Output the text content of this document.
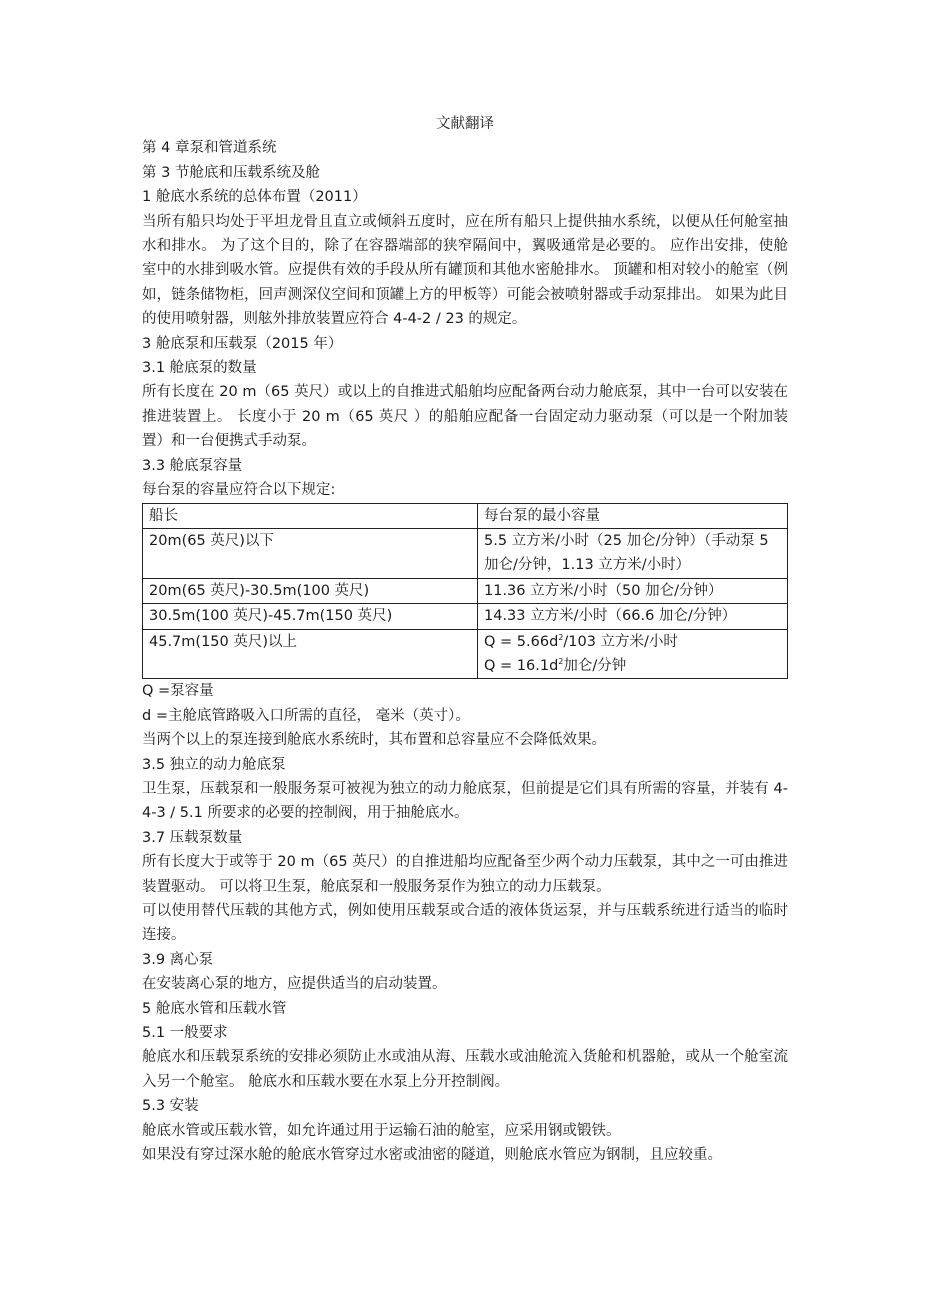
文献翻译
第 4 章泵和管道系统
第 3 节舱底和压载系统及舱
1 舱底水系统的总体布置（2011）

当所有船只均处于平坦龙骨且直立或倾斜五度时，应在所有船只上提供抽水系统，以便从任何舱室抽水和排水。 为了这个目的，除了在容器端部的狭窄隔间中，翼吸通常是必要的。 应作出安排，使舱室中的水排到吸水管。应提供有效的手段从所有罐顶和其他水密舱排水。 顶罐和相对较小的舱室（例如，链条储物柜，回声测深仪空间和顶罐上方的甲板等）可能会被喷射器或手动泵排出。 如果为此目的使用喷射器，则舷外排放装置应符合 4-4-2 / 23 的规定。

3 舱底泵和压载泵（2015 年）
3.1 舱底泵的数量

所有长度在 20 m（65 英尺）或以上的自推进式船舶均应配备两台动力舱底泵，其中一台可以安装在推进装置上。 长度小于 20 m（65 英尺 ）的船舶应配备一台固定动力驱动泵（可以是一个附加装置）和一台便携式手动泵。

3.3 舱底泵容量
每台泵的容量应符合以下规定:
船长	每台泵的最小容量
20m(65 英尺)以下	5.5 立方米/小时（25 加仑/分钟）（手动泵 5 加仑/分钟，1.13 立方米/小时）
20m(65 英尺)-30.5m(100 英尺)	11.36 立方米/小时（50 加仑/分钟）
30.5m(100 英尺)-45.7m(150 英尺)	14.33 立方米/小时（66.6 加仑/分钟）
45.7m(150 英尺)以上	$Q = 5.66d^2/103$ 立方米/小时
$Q = 16.1d^2$加仑/分钟
Q =泵容量
d =主舱底管路吸入口所需的直径， 毫米（英寸）。
当两个以上的泵连接到舱底水系统时，其布置和总容量应不会降低效果。
3.5 独立的动力舱底泵

卫生泵，压载泵和一般服务泵可被视为独立的动力舱底泵，但前提是它们具有所需的容量，并装有 4-4-3 / 5.1 所要求的必要的控制阀，用于抽舱底水。

3.7 压载泵数量

所有长度大于或等于 20 m（65 英尺）的自推进船均应配备至少两个动力压载泵，其中之一可由推进装置驱动。 可以将卫生泵，舱底泵和一般服务泵作为独立的动力压载泵。

可以使用替代压载的其他方式，例如使用压载泵或合适的液体货运泵，并与压载系统进行适当的临时连接。

3.9 离心泵
在安装离心泵的地方，应提供适当的启动装置。
5 舱底水管和压载水管
5.1 一般要求

舱底水和压载泵系统的安排必须防止水或油从海、压载水或油舱流入货舱和机器舱，或从一个舱室流入另一个舱室。 舱底水和压载水要在水泵上分开控制阀。

5.3 安装
舱底水管或压载水管，如允许通过用于运输石油的舱室，应采用钢或锻铁。
如果没有穿过深水舱的舱底水管穿过水密或油密的隧道，则舱底水管应为钢制，且应较重。
